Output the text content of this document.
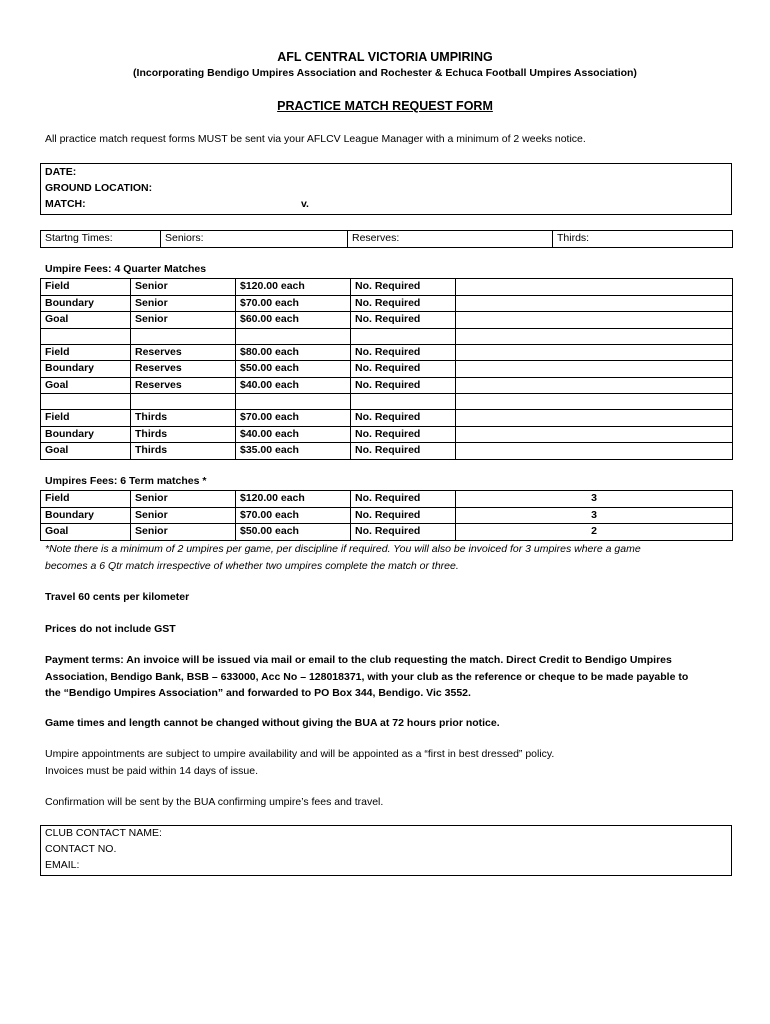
AFL CENTRAL VICTORIA UMPIRING
(Incorporating Bendigo Umpires Association and Rochester & Echuca Football Umpires Association)
PRACTICE MATCH REQUEST FORM
All practice match request forms MUST be sent via your AFLCV League Manager with a minimum of 2 weeks notice.
DATE:
GROUND LOCATION:
MATCH:	v.
Startng Times:	Seniors:	Reserves:	Thirds:
Umpire Fees: 4 Quarter Matches
Field	Senior	$120.00 each	No. Required	
Boundary	Senior	$70.00 each	No. Required	
Goal	Senior	$60.00 each	No. Required	

Field	Reserves	$80.00 each	No. Required	
Boundary	Reserves	$50.00 each	No. Required	
Goal	Reserves	$40.00 each	No. Required	

Field	Thirds	$70.00 each	No. Required	
Boundary	Thirds	$40.00 each	No. Required	
Goal	Thirds	$35.00 each	No. Required	
Umpires Fees: 6 Term matches *
Field	Senior	$120.00 each	No. Required	3
Boundary	Senior	$70.00 each	No. Required	3
Goal	Senior	$50.00 each	No. Required	2
*Note there is a minimum of 2 umpires per game, per discipline if required. You will also be invoiced for 3 umpires where a game
becomes a 6 Qtr match irrespective of whether two umpires complete the match or three.
Travel 60 cents per kilometer
Prices do not include GST
Payment terms: An invoice will be issued via mail or email to the club requesting the match. Direct Credit to Bendigo Umpires
Association, Bendigo Bank, BSB – 633000, Acc No – 128018371, with your club as the reference or cheque to be made payable to
the “Bendigo Umpires Association” and forwarded to PO Box 344, Bendigo. Vic 3552.
Game times and length cannot be changed without giving the BUA at 72 hours prior notice.
Umpire appointments are subject to umpire availability and will be appointed as a “first in best dressed” policy.
Invoices must be paid within 14 days of issue.
Confirmation will be sent by the BUA confirming umpire’s fees and travel.
CLUB CONTACT NAME:
CONTACT NO.
EMAIL:
